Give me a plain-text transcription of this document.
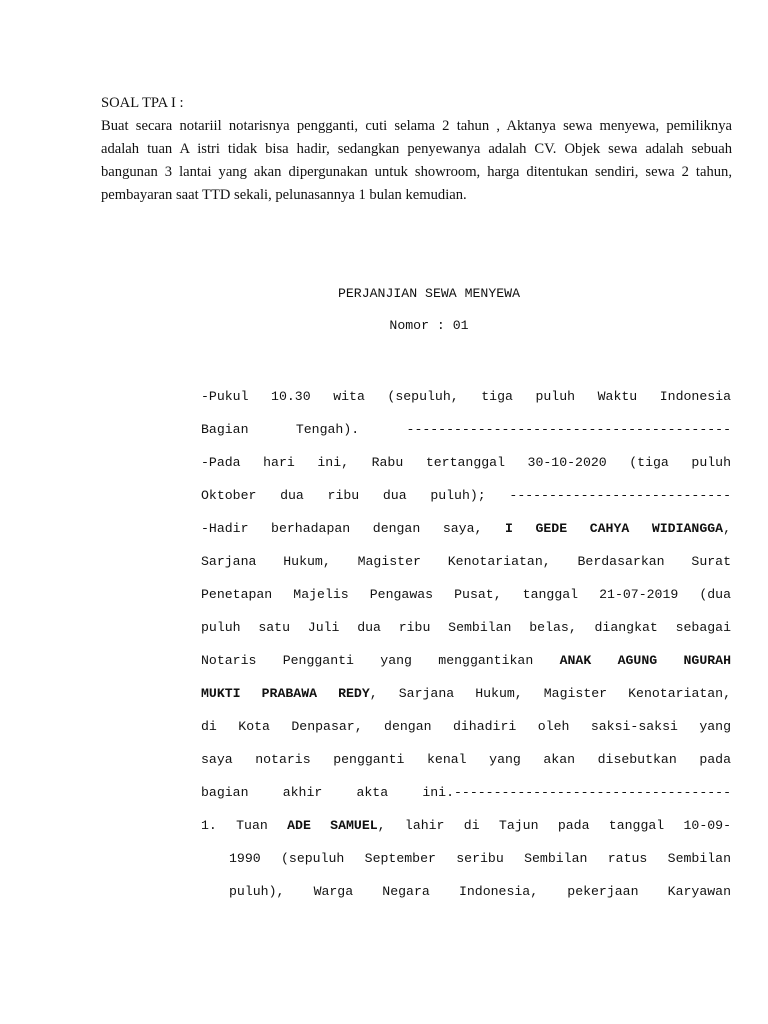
SOAL TPA I :
Buat secara notariil notarisnya pengganti, cuti selama 2 tahun , Aktanya sewa menyewa, pemiliknya
adalah tuan A istri tidak bisa hadir, sedangkan penyewanya adalah CV. Objek sewa adalah sebuah
bangunan 3 lantai yang akan dipergunakan untuk showroom, harga ditentukan sendiri, sewa 2 tahun,
pembayaran saat TTD sekali, pelunasannya 1 bulan kemudian.
PERJANJIAN SEWA MENYEWA
Nomor : 01
-Pukul 10.30 wita (sepuluh, tiga puluh Waktu Indonesia
Bagian Tengah). -----------------------------------------
-Pada hari ini, Rabu tertanggal 30-10-2020 (tiga puluh
Oktober dua ribu dua puluh); ----------------------------
-Hadir berhadapan dengan saya, I GEDE CAHYA WIDIANGGA,
Sarjana Hukum, Magister Kenotariatan, Berdasarkan Surat
Penetapan Majelis Pengawas Pusat, tanggal 21-07-2019 (dua
puluh satu Juli dua ribu Sembilan belas, diangkat sebagai
Notaris Pengganti yang menggantikan ANAK AGUNG NGURAH
MUKTI PRABAWA REDY, Sarjana Hukum, Magister Kenotariatan,
di Kota Denpasar, dengan dihadiri oleh saksi-saksi yang
saya notaris pengganti kenal yang akan disebutkan pada
bagian akhir akta ini.-----------------------------------
1. Tuan ADE SAMUEL, lahir di Tajun pada tanggal 10-09-
1990 (sepuluh September seribu Sembilan ratus Sembilan
puluh), Warga Negara Indonesia, pekerjaan Karyawan
